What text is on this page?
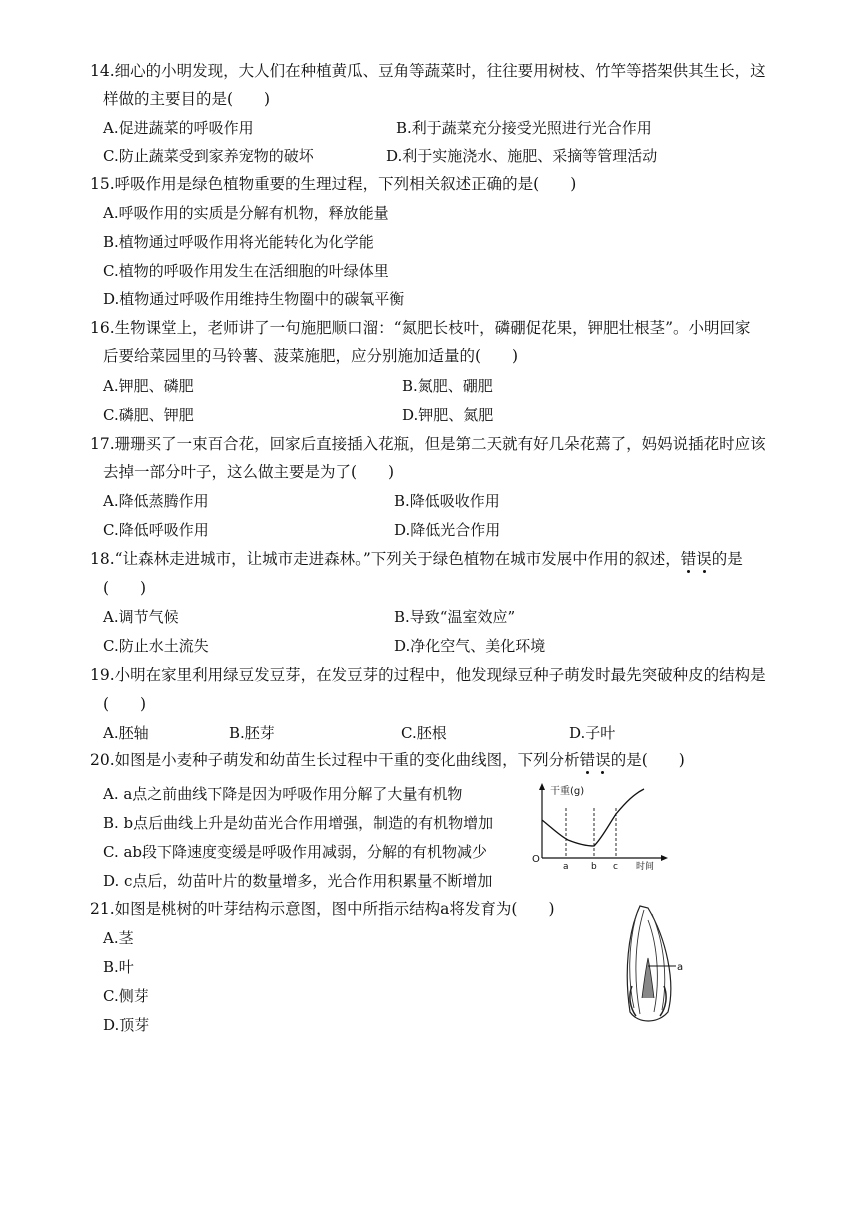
14.细心的小明发现，大人们在种植黄瓜、豆角等蔬菜时，往往要用树枝、竹竿等搭架供其生长，这
样做的主要目的是(　　)
A.促进蔬菜的呼吸作用	B.利于蔬菜充分接受光照进行光合作用
C.防止蔬菜受到家养宠物的破坏	D.利于实施浇水、施肥、采摘等管理活动
15.呼吸作用是绿色植物重要的生理过程，下列相关叙述正确的是(　　)
A.呼吸作用的实质是分解有机物，释放能量
B.植物通过呼吸作用将光能转化为化学能
C.植物的呼吸作用发生在活细胞的叶绿体里
D.植物通过呼吸作用维持生物圈中的碳氧平衡
16.生物课堂上，老师讲了一句施肥顺口溜：“氮肥长枝叶，磷硼促花果，钾肥壮根茎”。小明回家
后要给菜园里的马铃薯、菠菜施肥，应分别施加适量的(　　)
A.钾肥、磷肥	B.氮肥、硼肥
C.磷肥、钾肥	D.钾肥、氮肥
17.珊珊买了一束百合花，回家后直接插入花瓶，但是第二天就有好几朵花蔫了，妈妈说插花时应该
去掉一部分叶子，这么做主要是为了(　　)
A.降低蒸腾作用	B.降低吸收作用
C.降低呼吸作用	D.降低光合作用
18.“让森林走进城市，让城市走进森林。”下列关于绿色植物在城市发展中作用的叙述，错误的是
(　　)
A.调节气候	B.导致“温室效应”
C.防止水土流失	D.净化空气、美化环境
19.小明在家里利用绿豆发豆芽，在发豆芽的过程中，他发现绿豆种子萌发时最先突破种皮的结构是
(　　)
A.胚轴	B.胚芽	C.胚根	D.子叶
20.如图是小麦种子萌发和幼苗生长过程中干重的变化曲线图，下列分析错误的是(　　)
A. a点之前曲线下降是因为呼吸作用分解了大量有机物
B. b点后曲线上升是幼苗光合作用增强，制造的有机物增加
C. ab段下降速度变缓是呼吸作用减弱，分解的有机物减少
D. c点后，幼苗叶片的数量增多，光合作用积累量不断增加
干重(g)
时间
O
a b c
21.如图是桃树的叶芽结构示意图，图中所指示结构a将发育为(　　)
A.茎
B.叶
C.侧芽
D.顶芽
a
